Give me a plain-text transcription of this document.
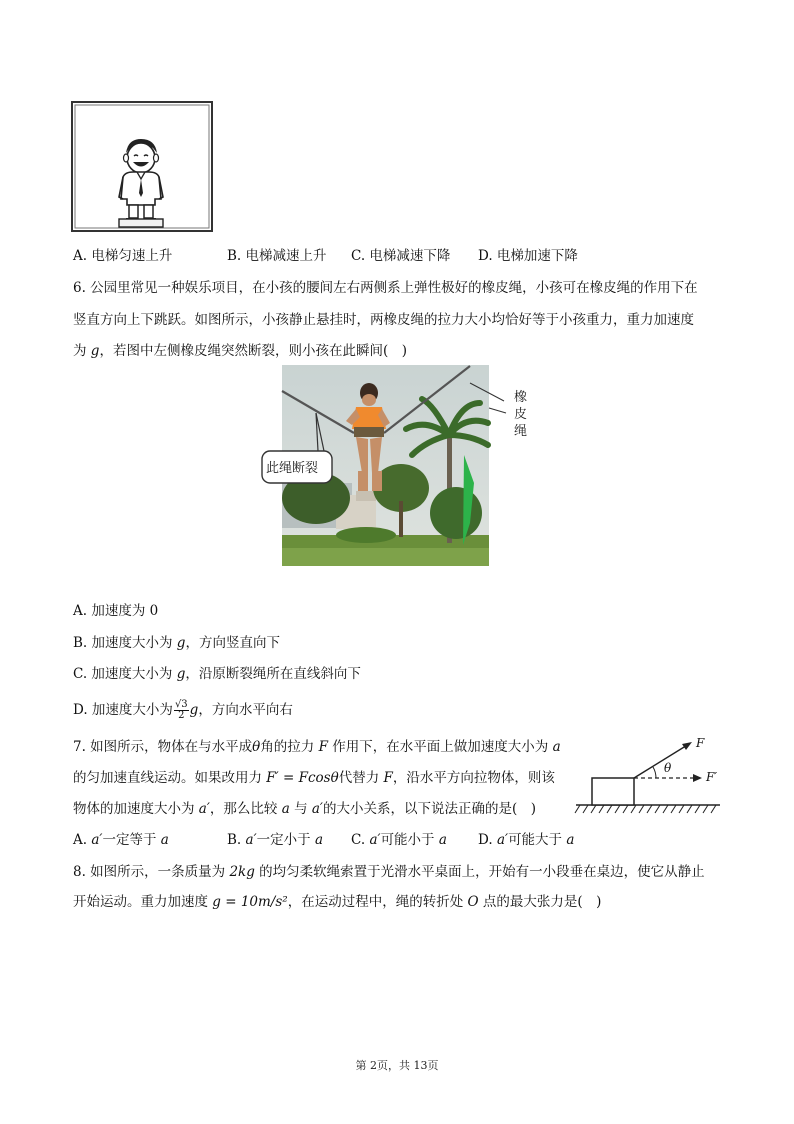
A. 电梯匀速上升	B. 电梯减速上升 C. 电梯减速下降 D. 电梯加速下降
6. 公园里常见一种娱乐项目，在小孩的腰间左右两侧系上弹性极好的橡皮绳，小孩可在橡皮绳的作用下在
竖直方向上下跳跃。如图所示，小孩静止悬挂时，两橡皮绳的拉力大小均恰好等于小孩重力，重力加速度
为 g，若图中左侧橡皮绳突然断裂，则小孩在此瞬间(　)
此绳断裂
橡
皮
绳
A. 加速度为 0
B. 加速度大小为 g，方向竖直向下
C. 加速度大小为 g，沿原断裂绳所在直线斜向下
D. 加速度大小为 $\frac{√3}{2}$ g，方向水平向右
7. 如图所示，物体在与水平成θ角的拉力 F 作用下，在水平面上做加速度大小为 a
的匀加速直线运动。如果改用力 F′ = Fcosθ代替力 F，沿水平方向拉物体，则该
物体的加速度大小为 a′，那么比较 a 与 a′的大小关系，以下说法正确的是(　)
F
θ
F′
A. a′一定等于 a	B. a′一定小于 a C. a′可能小于 a D. a′可能大于 a
8. 如图所示，一条质量为 2kg 的均匀柔软绳索置于光滑水平桌面上，开始有一小段垂在桌边，使它从静止
开始运动。重力加速度 g = 10m/s²，在运动过程中，绳的转折处 O 点的最大张力是(　)
第 2页，共 13页
